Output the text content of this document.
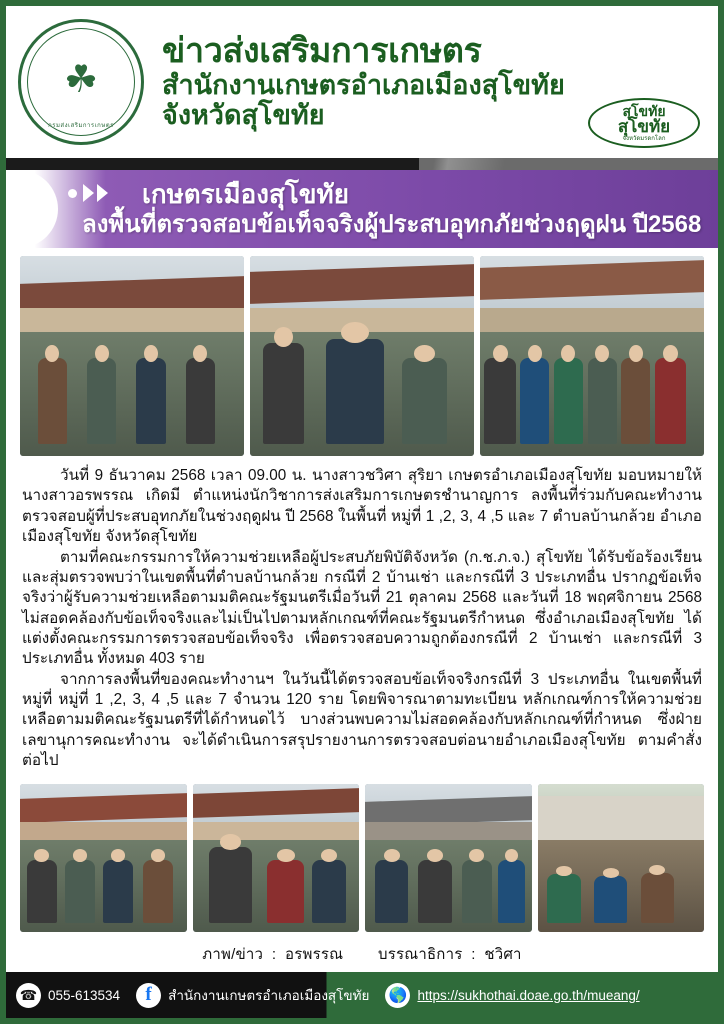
☘
กรมส่งเสริมการเกษตร
ข่าวส่งเสริมการเกษตร
สำนักงานเกษตรอำเภอเมืองสุโขทัย
จังหวัดสุโขทัย	สุโขทัย
สุโขทัย
จังหวัดมรดกโลก
เกษตรเมืองสุโขทัย
ลงพื้นที่ตรวจสอบข้อเท็จจริงผู้ประสบอุทกภัยช่วงฤดูฝน ปี2568

วันที่ 9 ธันวาคม 2568 เวลา 09.00 น. นางสาวชวิศา สุริยา เกษตรอำเภอเมืองสุโขทัย มอบหมายให้นางสาวอรพรรณ เกิดมี ตำแหน่งนักวิชาการส่งเสริมการเกษตรชำนาญการ ลงพื้นที่ร่วมกับคณะทำงานตรวจสอบผู้ที่ประสบอุทกภัยในช่วงฤดูฝน ปี 2568 ในพื้นที่ หมู่ที่ 1 ,2, 3, 4 ,5 และ 7 ตำบลบ้านกล้วย อำเภอเมืองสุโขทัย จังหวัดสุโขทัย

ตามที่คณะกรรมการให้ความช่วยเหลือผู้ประสบภัยพิบัติจังหวัด (ก.ช.ภ.จ.) สุโขทัย ได้รับข้อร้องเรียนและสุ่มตรวจพบว่าในเขตพื้นที่ตำบลบ้านกล้วย กรณีที่ 2 บ้านเช่า และกรณีที่ 3 ประเภทอื่น ปรากฏข้อเท็จจริงว่าผู้รับความช่วยเหลือตามมติคณะรัฐมนตรีเมื่อวันที่ 21 ตุลาคม 2568 และวันที่ 18 พฤศจิกายน 2568 ไม่สอดคล้องกับข้อเท็จจริงและไม่เป็นไปตามหลักเกณฑ์ที่คณะรัฐมนตรีกำหนด ซึ่งอำเภอเมืองสุโขทัย ได้แต่งตั้งคณะกรรมการตรวจสอบข้อเท็จจริง เพื่อตรวจสอบความถูกต้องกรณีที่ 2 บ้านเช่า และกรณีที่ 3 ประเภทอื่น ทั้งหมด 403 ราย

จากการลงพื้นที่ของคณะทำงานฯ ในวันนี้ได้ตรวจสอบข้อเท็จจริงกรณีที่ 3 ประเภทอื่น ในเขตพื้นที่หมู่ที่ หมู่ที่ 1 ,2, 3, 4 ,5 และ 7 จำนวน 120 ราย โดยพิจารณาตามทะเบียน หลักเกณฑ์การให้ความช่วยเหลือตามมติคณะรัฐมนตรีที่ได้กำหนดไว้ บางส่วนพบความไม่สอดคล้องกับหลักเกณฑ์ที่กำหนด ซึ่งฝ่ายเลขานุการคณะทำงาน จะได้ดำเนินการสรุปรายงานการตรวจสอบต่อนายอำเภอเมืองสุโขทัย ตามคำสั่ง ต่อไป

ภาพ/ข่าว  :  อรพรรณ บรรณาธิการ  :  ชวิศา
☎ 055-613534	f	สำนักงานเกษตรอำเภอเมืองสุโขทัย 🌎 https://sukhothai.doae.go.th/mueang/
